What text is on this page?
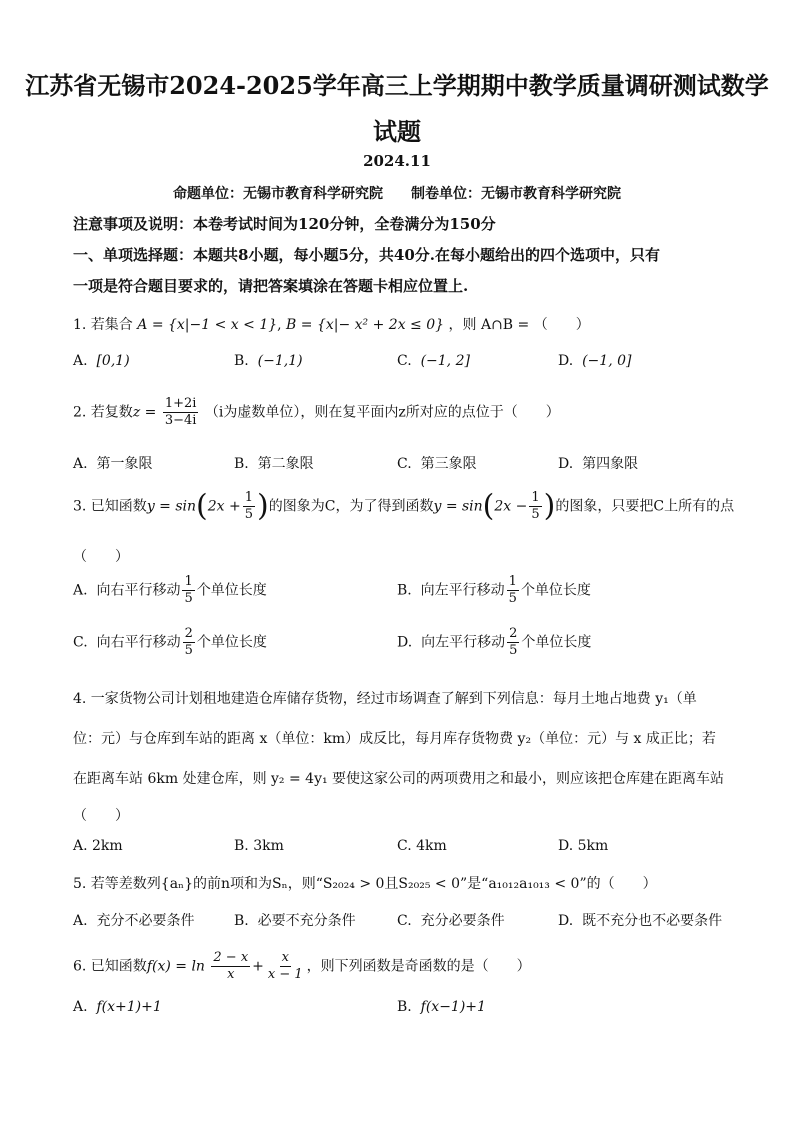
江苏省无锡市2024-2025学年高三上学期期中教学质量调研测试数学
试题
2024.11
命题单位：无锡市教育科学研究院　　制卷单位：无锡市教育科学研究院
注意事项及说明：本卷考试时间为120分钟，全卷满分为150分
一、单项选择题：本题共8小题，每小题5分，共40分.在每小题给出的四个选项中，只有
一项是符合题目要求的，请把答案填涂在答题卡相应位置上.
1. 若集合 A = {x|−1 < x < 1}, B = {x|− x² + 2x ≤ 0} ，则 A∩B = （　　）
A. [0,1)	B. (−1,1)	C. (−1, 2]	D. (−1, 0]
2. 若复数$z = \frac{1+2i}{3-4i} (i$为虚数单位），则在复平面内z所对应的点位于（　　）
A. 第一象限	B. 第二象限	C. 第三象限	D. 第四象限
3. 已知函数$y = \sin(2x + \frac{1}{5}$ )的图象为C，为了得到函数$y = \sin(2x - \frac{1}{5}$ )的图象，只要把C上所有的点
（　　）
A. 向右平行移动 $\frac{1}{5}$ 个单位长度	B. 向左平行移动 $\frac{1}{5}$ 个单位长度
C. 向右平行移动 $\frac{2}{5}$ 个单位长度	D. 向左平行移动 $\frac{2}{5}$ 个单位长度
4. 一家货物公司计划租地建造仓库储存货物，经过市场调查了解到下列信息：每月土地占地费 y₁（单
位：元）与仓库到车站的距离 x（单位：km）成反比，每月库存货物费 y₂（单位：元）与 x 成正比；若
在距离车站 6km 处建仓库，则 y₂ = 4y₁ 要使这家公司的两项费用之和最小，则应该把仓库建在距离车站
（　　）
A. 2km	B. 3km	C. 4km	D. 5km
5. 若等差数列{aₙ}的前n项和为Sₙ，则“S₂₀₂₄ > 0且S₂₀₂₅ < 0”是“a₁₀₁₂a₁₀₁₃ < 0”的（　　）
A. 充分不必要条件	B. 必要不充分条件	C. 充分必要条件	D. 既不充分也不必要条件
6. 已知函数$f(x) = \ln \frac{2 - x}{x} + \frac{x}{x - 1}$ ，则下列函数是奇函数的是（　　）
A. f(x+1)+1	B. f(x−1)+1
